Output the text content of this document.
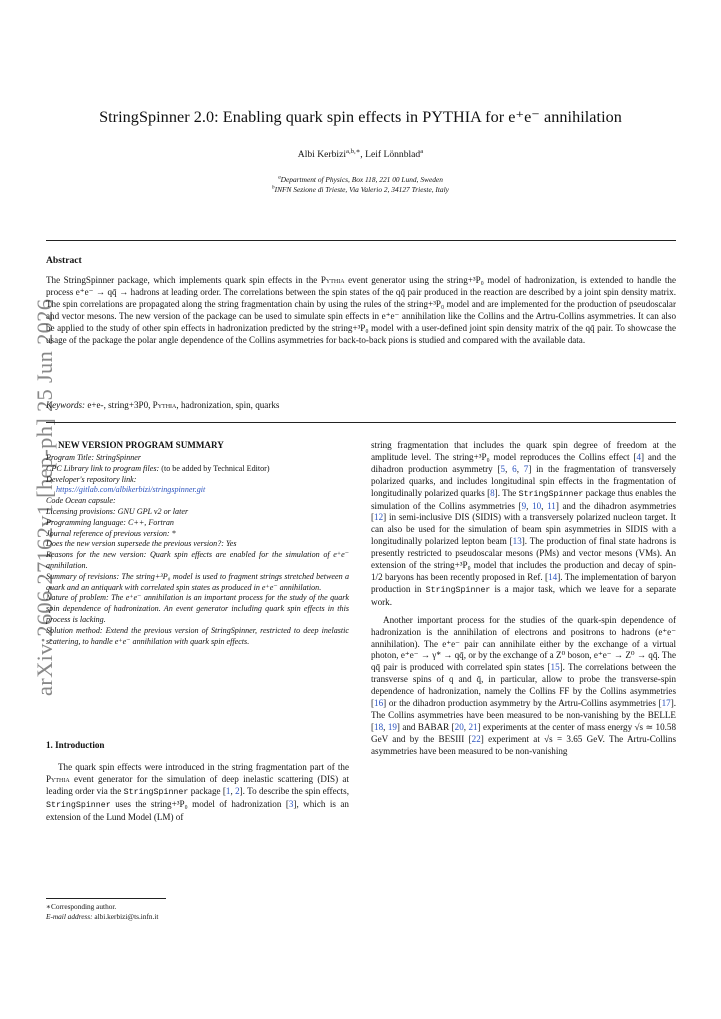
arXiv:2606.27162v1 [hep-ph] 25 Jun 2026
StringSpinner 2.0: Enabling quark spin effects in PYTHIA for e⁺e⁻ annihilation
Albi Kerbizi$^{a,b,∗}$, Leif Lönnblad$^a$
$^a$Department of Physics, Box 118, 221 00 Lund, Sweden
$^b$INFN Sezione di Trieste, Via Valerio 2, 34127 Trieste, Italy
Abstract
The StringSpinner package, which implements quark spin effects in the Pythia event generator using the string+³P₀ model of hadronization, is extended to handle the process e⁺e⁻ → qq̄ → hadrons at leading order. The correlations between the spin states of the qq̄ pair produced in the reaction are described by a joint spin density matrix. The spin correlations are propagated along the string fragmentation chain by using the rules of the string+³P₀ model and are implemented for the production of pseudoscalar and vector mesons. The new version of the package can be used to simulate spin effects in e⁺e⁻ annihilation like the Collins and the Artru-Collins asymmetries. It can also be applied to the study of other spin effects in hadronization predicted by the string+³P₀ model with a user-defined joint spin density matrix of the qq̄ pair. To showcase the usage of the package the polar angle dependence of the Collins asymmetries for back-to-back pions is studied and compared with the available data.
Keywords: e+e-, string+3P0, Pythia, hadronization, spin, quarks
NEW VERSION PROGRAM SUMMARY
Program Title: StringSpinner
CPC Library link to program files: (to be added by Technical Editor)
Developer's repository link:
https://gitlab.com/albikerbizi/stringspinner.git
Code Ocean capsule:
Licensing provisions: GNU GPL v2 or later
Programming language: C++, Fortran
Journal reference of previous version: *
Does the new version supersede the previous version?: Yes
Reasons for the new version: Quark spin effects are enabled for the simulation of e⁺e⁻ annihilation.
Summary of revisions: The string+³P₀ model is used to fragment strings stretched between a quark and an antiquark with correlated spin states as produced in e⁺e⁻ annihilation.
Nature of problem: The e⁺e⁻ annihilation is an important process for the study of the quark spin dependence of hadronization. An event generator including quark spin effects in this process is lacking.
Solution method: Extend the previous version of StringSpinner, restricted to deep inelastic scattering, to handle e⁺e⁻ annihilation with quark spin effects.
1. Introduction

The quark spin effects were introduced in the string fragmentation part of the Pythia event generator for the simulation of deep inelastic scattering (DIS) at leading order via the StringSpinner package [1, 2]. To describe the spin effects, StringSpinner uses the string+³P₀ model of hadronization [3], which is an extension of the Lund Model (LM) of

∗Corresponding author.
E-mail address: albi.kerbizi@ts.infn.it

string fragmentation that includes the quark spin degree of freedom at the amplitude level. The string+³P₀ model reproduces the Collins effect [4] and the dihadron production asymmetry [5, 6, 7] in the fragmentation of transversely polarized quarks, and includes longitudinal spin effects in the fragmentation of longitudinally polarized quarks [8]. The StringSpinner package thus enables the simulation of the Collins asymmetries [9, 10, 11] and the dihadron asymmetries [12] in semi-inclusive DIS (SIDIS) with a transversely polarized nucleon target. It can also be used for the simulation of beam spin asymmetries in SIDIS with a longitudinally polarized lepton beam [13]. The production of final state hadrons is presently restricted to pseudoscalar mesons (PMs) and vector mesons (VMs). An extension of the string+³P₀ model that includes the production and decay of spin-1/2 baryons has been recently proposed in Ref. [14]. The implementation of baryon production in StringSpinner is a major task, which we leave for a separate work.

Another important process for the studies of the quark-spin dependence of hadronization is the annihilation of electrons and positrons to hadrons (e⁺e⁻ annihilation). The e⁺e⁻ pair can annihilate either by the exchange of a virtual photon, e⁺e⁻ → γ* → qq̄, or by the exchange of a Z⁰ boson, e⁺e⁻ → Z⁰ → qq̄. The qq̄ pair is produced with correlated spin states [15]. The correlations between the transverse spins of q and q̄, in particular, allow to probe the transverse-spin dependence of hadronization, namely the Collins FF by the Collins asymmetries [16] or the dihadron production asymmetry by the Artru-Collins asymmetries [17]. The Collins asymmetries have been measured to be non-vanishing by the BELLE [18, 19] and BABAR [20, 21] experiments at the center of mass energy √s ≃ 10.58 GeV and by the BESIII [22] experiment at √s = 3.65 GeV. The Artru-Collins asymmetries have been measured to be non-vanishing
